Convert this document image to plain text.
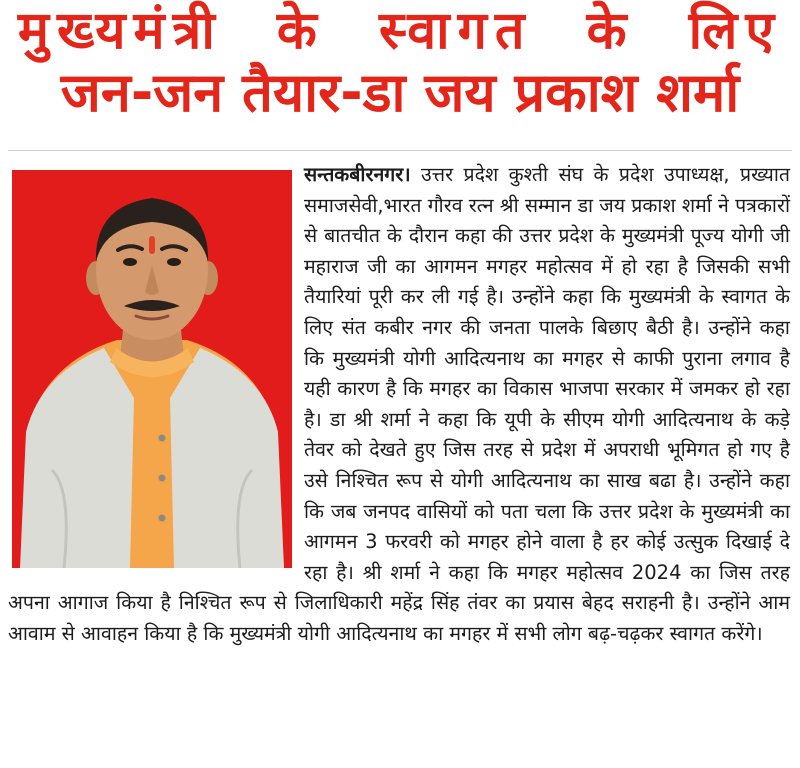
मुख्यमंत्री के स्वागत के लिए
जन-जन तैयार-डा जय प्रकाश शर्मा
सन्तकबीरनगर। उत्तर प्रदेश कुश्ती संघ के प्रदेश उपाध्यक्ष, प्रख्यात समाजसेवी,भारत गौरव रत्न श्री सम्मान डा जय प्रकाश शर्मा ने पत्रकारों से बातचीत के दौरान कहा की उत्तर प्रदेश के मुख्यमंत्री पूज्य योगी जी महाराज जी का आगमन मगहर महोत्सव में हो रहा है जिसकी सभी तैयारियां पूरी कर ली गई है। उन्होंने कहा कि मुख्यमंत्री के स्वागत के लिए संत कबीर नगर की जनता पालके बिछाए बैठी है। उन्होंने कहा कि मुख्यमंत्री योगी आदित्यनाथ का मगहर से काफी पुराना लगाव है यही कारण है कि मगहर का विकास भाजपा सरकार में जमकर हो रहा है। डा श्री शर्मा ने कहा कि यूपी के सीएम योगी आदित्यनाथ के कड़े तेवर को देखते हुए जिस तरह से प्रदेश में अपराधी भूमिगत हो गए है उसे निश्चित रूप से योगी आदित्यनाथ का साख बढा है। उन्होंने कहा कि जब जनपद वासियों को पता चला कि उत्तर प्रदेश के मुख्यमंत्री का आगमन 3 फरवरी को मगहर होने वाला है हर कोई उत्सुक दिखाई दे रहा है। श्री शर्मा ने कहा कि मगहर महोत्सव 2024 का जिस तरह अपना आगाज किया है निश्चित रूप से जिलाधिकारी महेंद्र सिंह तंवर का प्रयास बेहद सराहनी है। उन्होंने आम आवाम से आवाहन किया है कि मुख्यमंत्री योगी आदित्यनाथ का मगहर में सभी लोग बढ़-चढ़कर स्वागत करेंगे।
